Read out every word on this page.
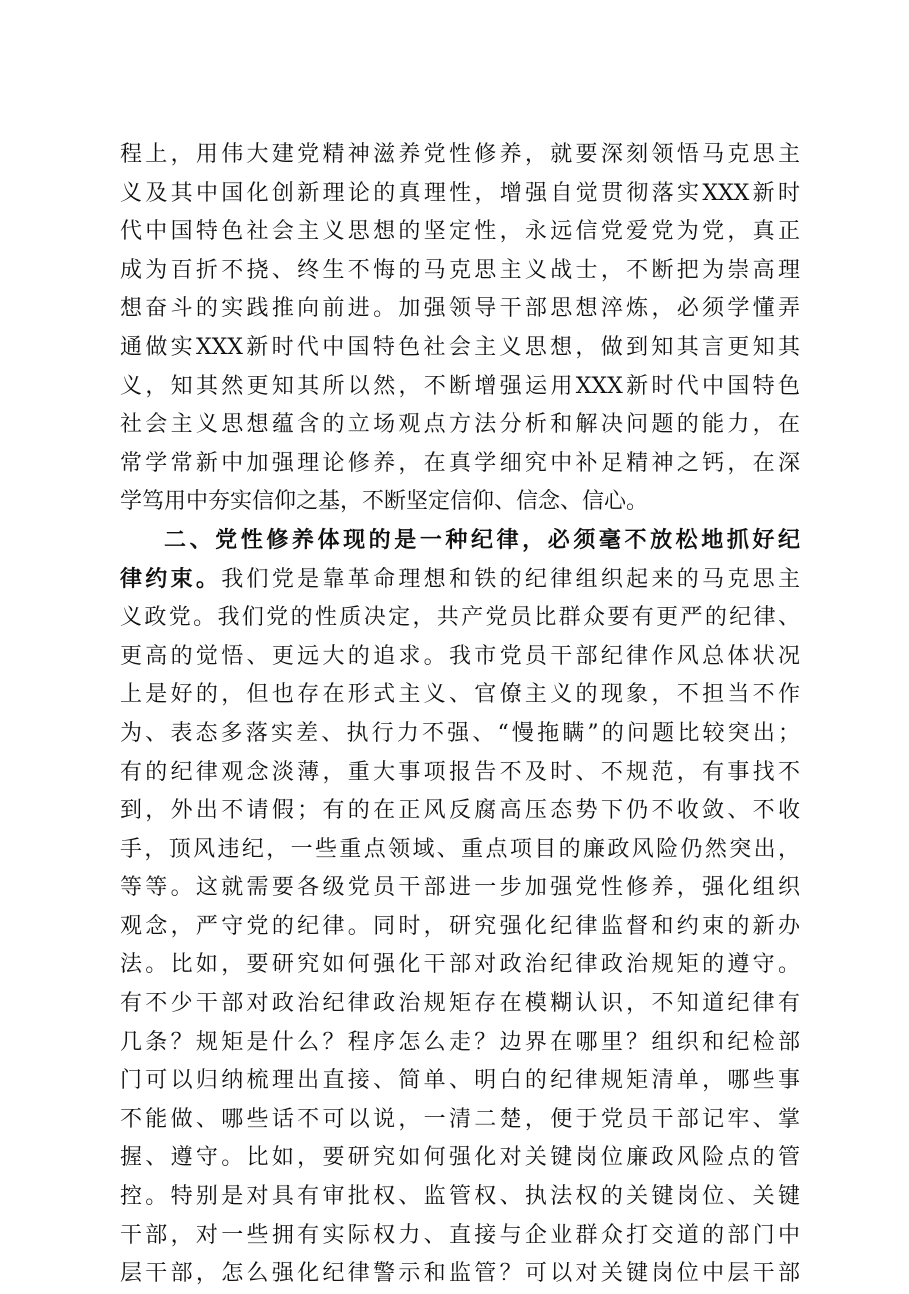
程上，用伟大建党精神滋养党性修养，就要深刻领悟马克思主
义及其中国化创新理论的真理性，增强自觉贯彻落实XXX新时
代中国特色社会主义思想的坚定性，永远信党爱党为党，真正
成为百折不挠、终生不悔的马克思主义战士，不断把为崇高理
想奋斗的实践推向前进。加强领导干部思想淬炼，必须学懂弄
通做实XXX新时代中国特色社会主义思想，做到知其言更知其
义，知其然更知其所以然，不断增强运用XXX新时代中国特色
社会主义思想蕴含的立场观点方法分析和解决问题的能力，在
常学常新中加强理论修养，在真学细究中补足精神之钙，在深
学笃用中夯实信仰之基，不断坚定信仰、信念、信心。
二、党性修养体现的是一种纪律，必须毫不放松地抓好纪
律约束。我们党是靠革命理想和铁的纪律组织起来的马克思主
义政党。我们党的性质决定，共产党员比群众要有更严的纪律、
更高的觉悟、更远大的追求。我市党员干部纪律作风总体状况
上是好的，但也存在形式主义、官僚主义的现象，不担当不作
为、表态多落实差、执行力不强、“慢拖瞒”的问题比较突出；
有的纪律观念淡薄，重大事项报告不及时、不规范，有事找不
到，外出不请假；有的在正风反腐高压态势下仍不收敛、不收
手，顶风违纪，一些重点领域、重点项目的廉政风险仍然突出，
等等。这就需要各级党员干部进一步加强党性修养，强化组织
观念，严守党的纪律。同时，研究强化纪律监督和约束的新办
法。比如，要研究如何强化干部对政治纪律政治规矩的遵守。
有不少干部对政治纪律政治规矩存在模糊认识，不知道纪律有
几条？规矩是什么？程序怎么走？边界在哪里？组织和纪检部
门可以归纳梳理出直接、简单、明白的纪律规矩清单，哪些事
不能做、哪些话不可以说，一清二楚，便于党员干部记牢、掌
握、遵守。比如，要研究如何强化对关键岗位廉政风险点的管
控。特别是对具有审批权、监管权、执法权的关键岗位、关键
干部，对一些拥有实际权力、直接与企业群众打交道的部门中
层干部，怎么强化纪律警示和监管？可以对关键岗位中层干部
